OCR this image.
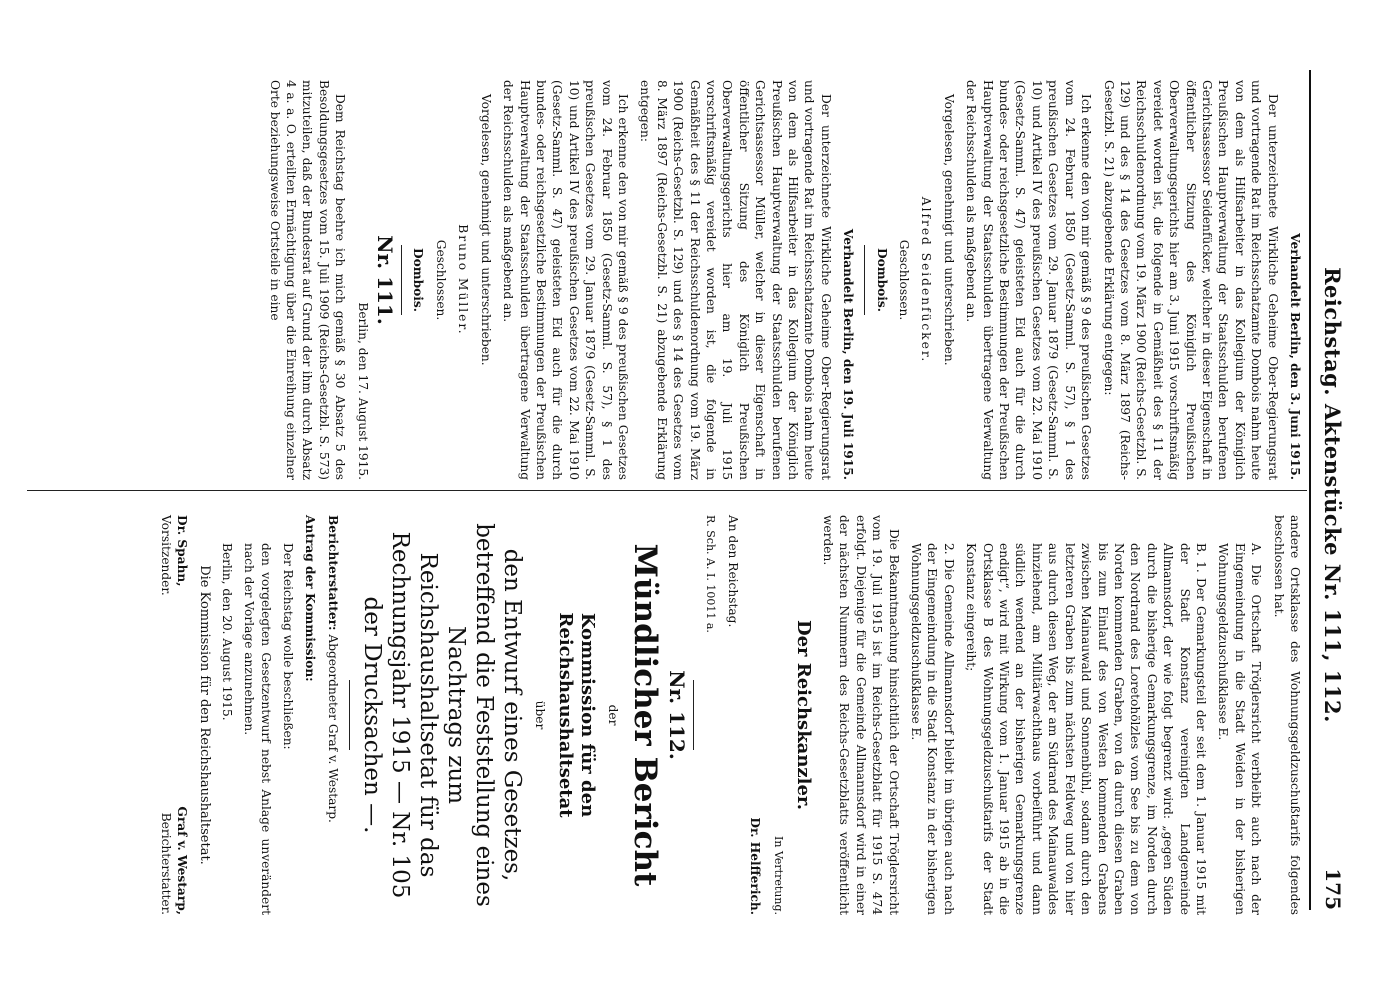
Reichstag. Aktenstücke Nr. 111, 112.
175

Verhandelt Berlin, den 3. Juni 1915.

Der unterzeichnete Wirkliche Geheime Ober-Regierungsrat und vortragende Rat im Reichsschatzamte Dombois nahm heute von dem als Hilfsarbeiter in das Kollegium der Königlich Preußischen Hauptverwaltung der Staatsschulden berufenen Gerichtsassessor Seidenfücker, welcher in dieser Eigenschaft in öffentlicher Sitzung des Königlich Preußischen Oberverwaltungsgerichts hier am 3. Juni 1915 vorschriftsmäßig vereidet worden ist, die folgende in Gemäßheit des § 11 der Reichsschuldenordnung vom 19. März 1900 (Reichs-Gesetzbl. S. 129) und des § 14 des Gesetzes vom 8. März 1897 (Reichs-Gesetzbl. S. 21) abzugebende Erklärung entgegen:

Ich erkenne den von mir gemäß § 9 des preußischen Gesetzes vom 24. Februar 1850 (Gesetz-Samml. S. 57), § 1 des preußischen Gesetzes vom 29. Januar 1879 (Gesetz-Samml. S. 10) und Artikel IV des preußischen Gesetzes vom 22. Mai 1910 (Gesetz-Samml. S. 47) geleisteten Eid auch für die durch bundes- oder reichsgesetzliche Bestimmungen der Preußischen Hauptverwaltung der Staatsschulden übertragene Verwaltung der Reichsschulden als maßgebend an.

Vorgelesen, genehmigt und unterschrieben.

Alfred Seidenfücker.

Geschlossen.

Dombois.

Verhandelt Berlin, den 19. Juli 1915.

Der unterzeichnete Wirkliche Geheime Ober-Regierungsrat und vortragende Rat im Reichsschatzamte Dombois nahm heute von dem als Hilfsarbeiter in das Kollegium der Königlich Preußischen Hauptverwaltung der Staatsschulden berufenen Gerichtsassessor Müller, welcher in dieser Eigenschaft in öffentlicher Sitzung des Königlich Preußischen Oberverwaltungsgerichts hier am 19. Juli 1915 vorschriftsmäßig vereidet worden ist, die folgende in Gemäßheit des § 11 der Reichsschuldenordnung vom 19. März 1900 (Reichs-Gesetzbl. S. 129) und des § 14 des Gesetzes vom 8. März 1897 (Reichs-Gesetzbl. S. 21) abzugebende Erklärung entgegen:

Ich erkenne den von mir gemäß § 9 des preußischen Gesetzes vom 24. Februar 1850 (Gesetz-Samml. S. 57), § 1 des preußischen Gesetzes vom 29. Januar 1879 (Gesetz-Samml. S. 10) und Artikel IV des preußischen Gesetzes vom 22. Mai 1910 (Gesetz-Samml. S. 47) geleisteten Eid auch für die durch bundes- oder reichsgesetzliche Bestimmungen der Preußischen Hauptverwaltung der Staatsschulden übertragene Verwaltung der Reichsschulden als maßgebend an.

Vorgelesen, genehmigt und unterschrieben.

Bruno Müller.

Geschlossen.

Dombois.

Nr. 111.

Berlin, den 17. August 1915.

Dem Reichstag beehre ich mich gemäß § 30 Absatz 5 des Besoldungsgesetzes vom 15. Juli 1909 (Reichs-Gesetzbl. S. 573) mitzuteilen, daß der Bundesrat auf Grund der ihm durch Absatz 4 a. a. O. erteilten Ermächtigung über die Einreihung einzelner Orte beziehungsweise Ortsteile in eine

andere Ortsklasse des Wohnungsgeldzuschußtarifs folgendes beschlossen hat.

A. Die Ortschaft Tröglersricht verbleibt auch nach der Eingemeindung in die Stadt Weiden in der bisherigen Wohnungsgeldzuschußklasse E.

B. 1. Der Gemarkungsteil der seit dem 1. Januar 1915 mit der Stadt Konstanz vereinigten Landgemeinde Allmannsdorf, der wie folgt begrenzt wird: „gegen Süden durch die bisherige Gemarkungsgrenze, im Norden durch den Nordrand des Loretohölzles vom See bis zu dem von Norden kommenden Graben, von da durch diesen Graben bis zum Einlauf des von Westen kommenden Grabens zwischen Mainauwald und Sonnenbühl, sodann durch den letzteren Graben bis zum nächsten Feldweg und von hier aus durch diesen Weg, der am Südrand des Mainauwaldes hinziehend, am Militärwachthaus vorbeiführt und dann südlich wendend an der bisherigen Gemarkungsgrenze endigt“, wird mit Wirkung vom 1. Januar 1915 ab in die Ortsklasse B des Wohnungsgeldzuschußtarifs der Stadt Konstanz eingereiht;

2. Die Gemeinde Allmannsdorf bleibt im übrigen auch nach der Eingemeindung in die Stadt Konstanz in der bisherigen Wohnungsgeldzuschußklasse E.

Die Bekanntmachung hinsichtlich der Ortschaft Tröglersricht vom 19. Juli 1915 ist im Reichs-Gesetzblatt für 1915 S. 474 erfolgt. Diejenige für die Gemeinde Allmannsdorf wird in einer der nächsten Nummern des Reichs-Gesetzblatts veröffentlicht werden.

Der Reichskanzler.

In Vertretung.

Dr. Helfferich.

An den Reichstag.

R. Sch. A. I. 10011 a.

Nr. 112.

Mündlicher Bericht

der

Kommission für den Reichshaushaltsetat

über

den Entwurf eines Gesetzes, betreffend die Feststellung eines Nachtrags zum Reichshaushaltsetat für das Rechnungsjahr 1915 — Nr. 105 der Drucksachen —.

Berichterstatter: Abgeordneter Graf v. Westarp.

Antrag der Kommission:

Der Reichstag wolle beschließen:

den vorgelegten Gesetzentwurf nebst Anlage unverändert nach der Vorlage anzunehmen.

Berlin, den 20. August 1915.

Die Kommission für den Reichshaushaltsetat.

Dr. Spahn,
Vorsitzender.
Graf v. Westarp,
Berichterstatter.
